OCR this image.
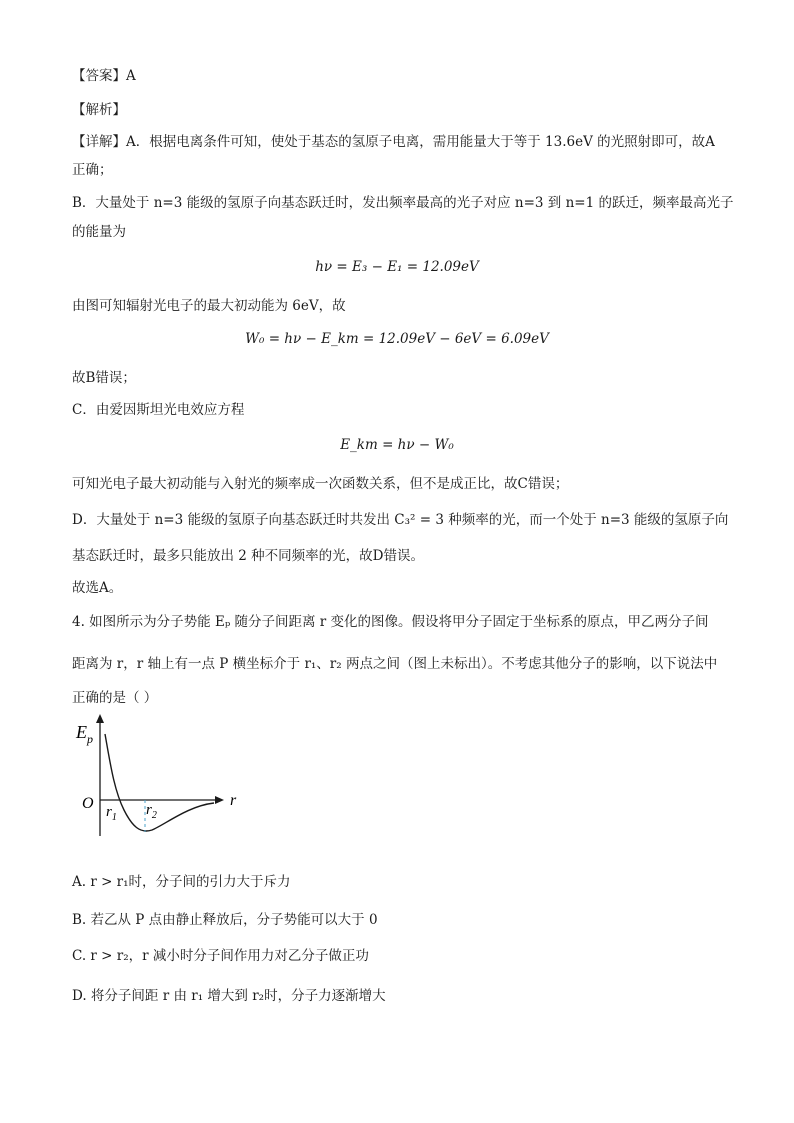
【答案】A
【解析】
【详解】A．根据电离条件可知，使处于基态的氢原子电离，需用能量大于等于 13.6eV 的光照射即可，故A
正确；
B．大量处于 n=3 能级的氢原子向基态跃迁时，发出频率最高的光子对应 n=3 到 n=1 的跃迁，频率最高光子
的能量为
hν = E₃ − E₁ = 12.09eV
由图可知辐射光电子的最大初动能为 6eV，故
W₀ = hν − E_km = 12.09eV − 6eV = 6.09eV
故B错误；
C．由爱因斯坦光电效应方程
E_km = hν − W₀
可知光电子最大初动能与入射光的频率成一次函数关系，但不是成正比，故C错误；
D．大量处于 n=3 能级的氢原子向基态跃迁时共发出 C₃² = 3 种频率的光，而一个处于 n=3 能级的氢原子向
基态跃迁时，最多只能放出 2 种不同频率的光，故D错误。
故选A。
4. 如图所示为分子势能 Eₚ 随分子间距离 r 变化的图像。假设将甲分子固定于坐标系的原点，甲乙两分子间
距离为 r，r 轴上有一点 P 横坐标介于 r₁、r₂ 两点之间（图上未标出）。不考虑其他分子的影响，以下说法中
正确的是（ ）
$E_p$
O	r
$r_1$ $r_2$
A. r > r₁时，分子间的引力大于斥力
B. 若乙从 P 点由静止释放后，分子势能可以大于 0
C. r > r₂，r 减小时分子间作用力对乙分子做正功
D. 将分子间距 r 由 r₁ 增大到 r₂时，分子力逐渐增大
